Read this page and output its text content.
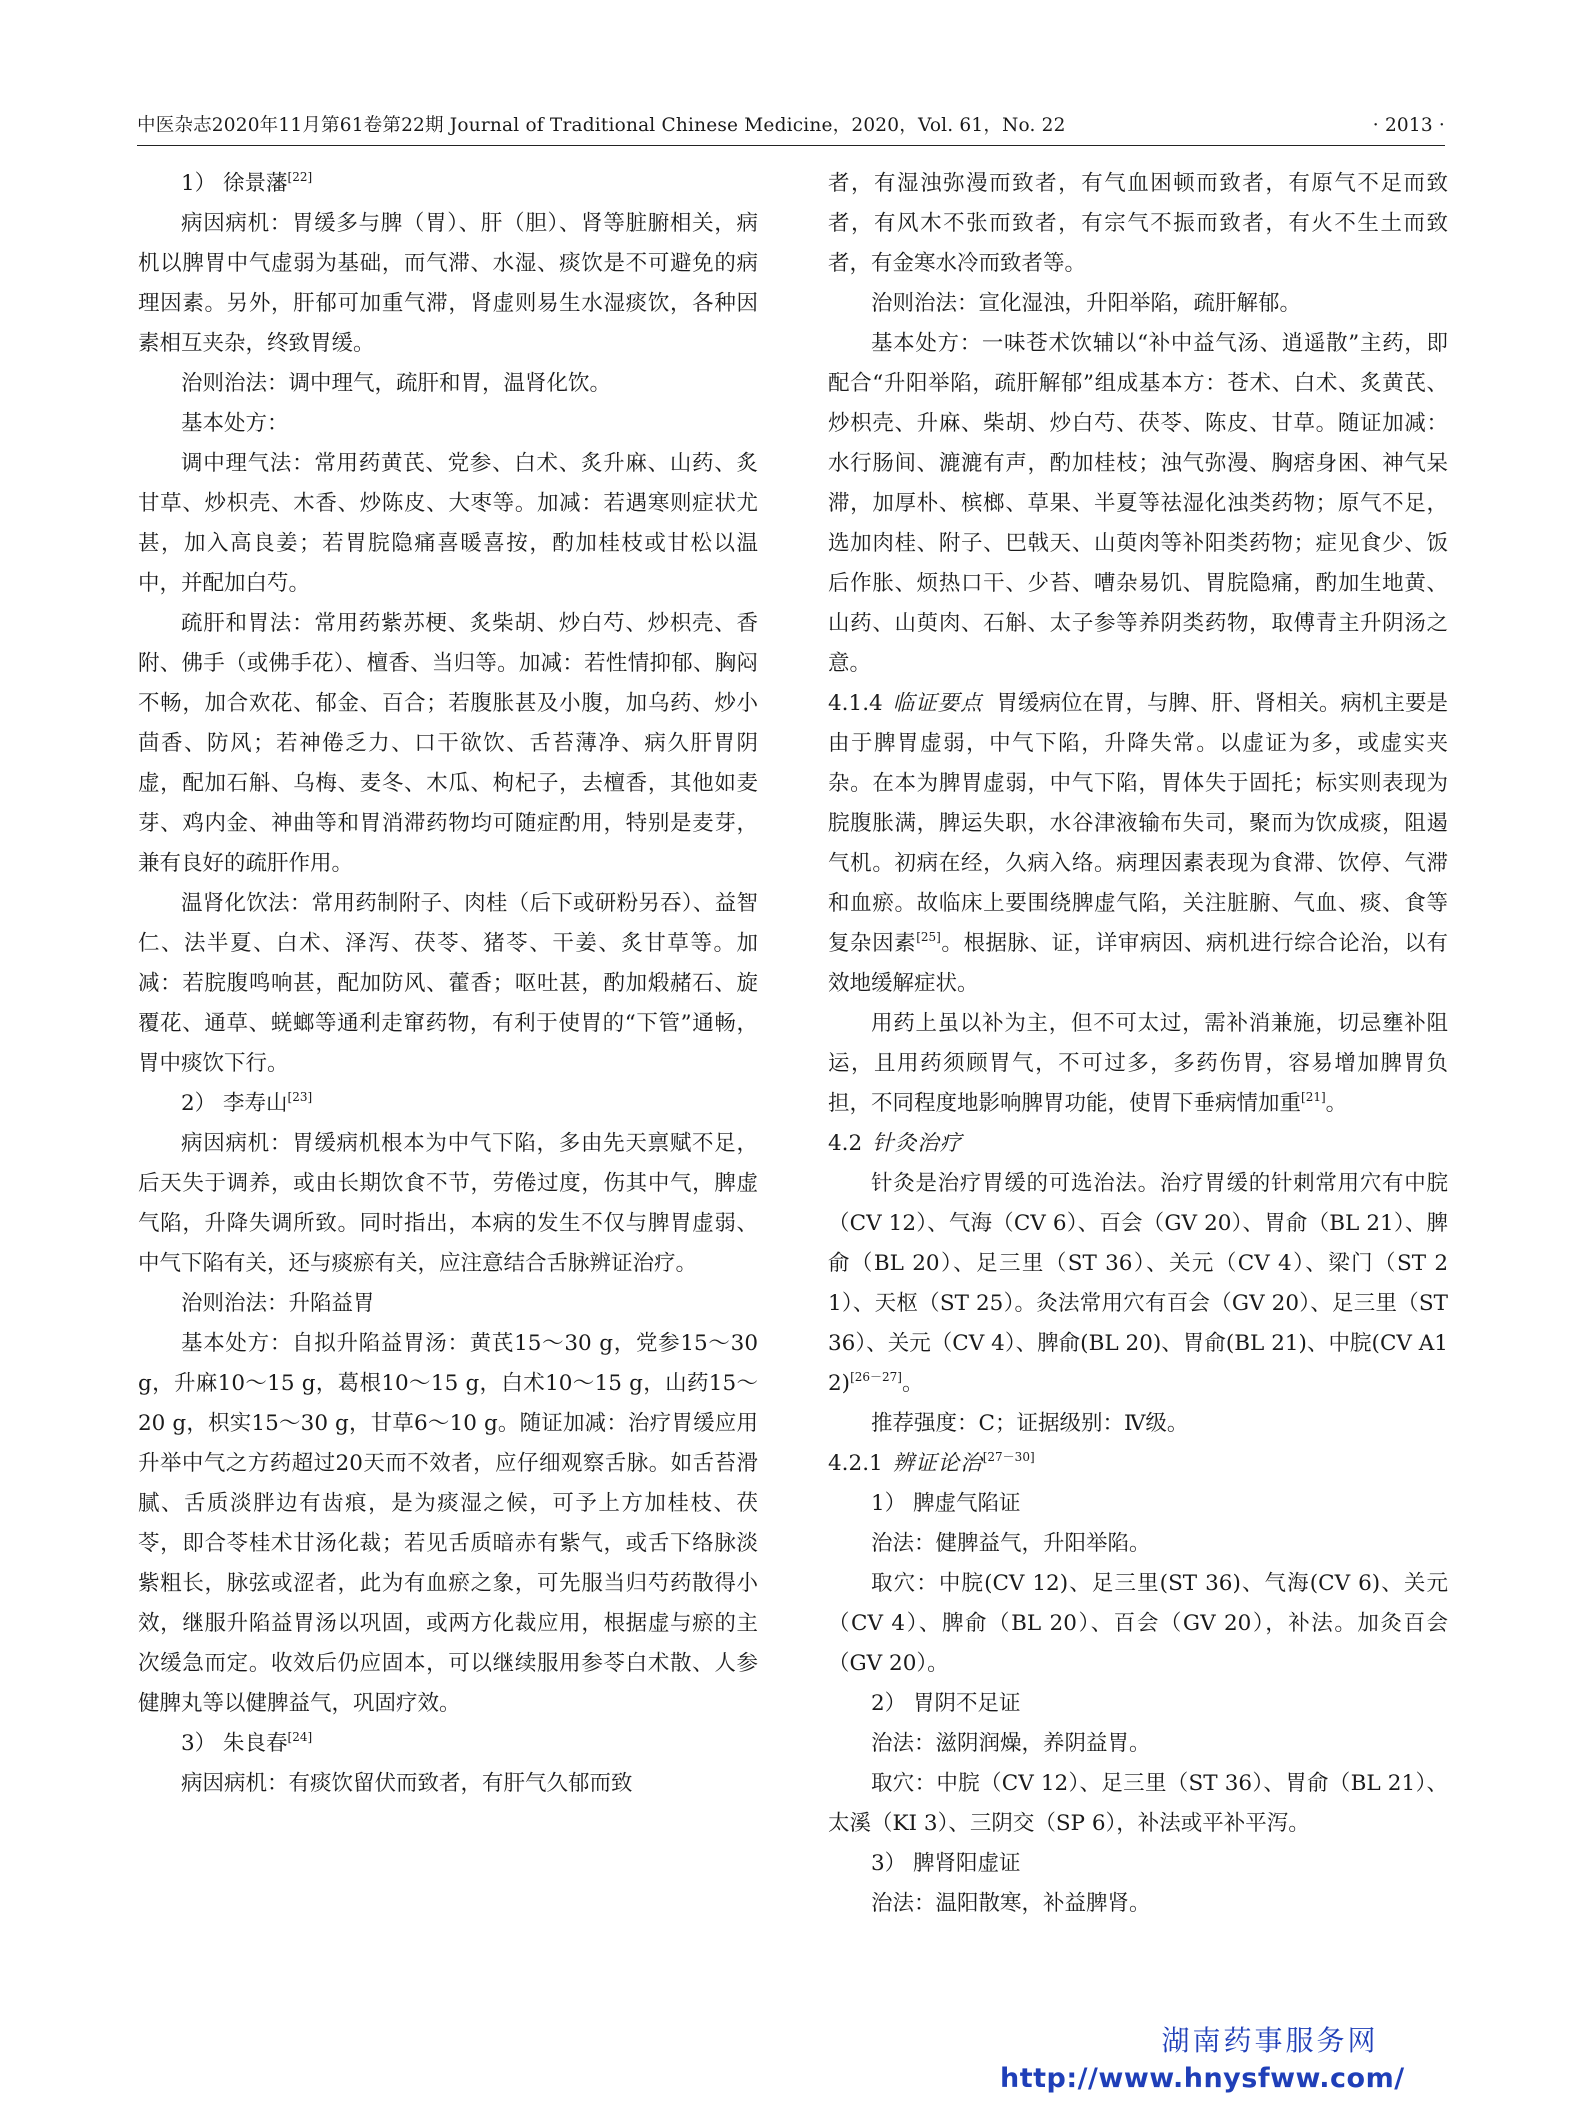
中医杂志2020年11月第61卷第22期 Journal of Traditional Chinese Medicine，2020，Vol. 61，No. 22	· 2013 ·

1） 徐景藩[22]

病因病机：胃缓多与脾（胃）、肝（胆）、肾等脏腑相关，病机以脾胃中气虚弱为基础，而气滞、水湿、痰饮是不可避免的病理因素。另外，肝郁可加重气滞，肾虚则易生水湿痰饮，各种因素相互夹杂，终致胃缓。

治则治法：调中理气，疏肝和胃，温肾化饮。

基本处方：

调中理气法：常用药黄芪、党参、白术、炙升麻、山药、炙甘草、炒枳壳、木香、炒陈皮、大枣等。加减：若遇寒则症状尤甚，加入高良姜；若胃脘隐痛喜暖喜按，酌加桂枝或甘松以温中，并配加白芍。

疏肝和胃法：常用药紫苏梗、炙柴胡、炒白芍、炒枳壳、香附、佛手（或佛手花）、檀香、当归等。加减：若性情抑郁、胸闷不畅，加合欢花、郁金、百合；若腹胀甚及小腹，加乌药、炒小茴香、防风；若神倦乏力、口干欲饮、舌苔薄净、病久肝胃阴虚，配加石斛、乌梅、麦冬、木瓜、枸杞子，去檀香，其他如麦芽、鸡内金、神曲等和胃消滞药物均可随症酌用，特别是麦芽，兼有良好的疏肝作用。

温肾化饮法：常用药制附子、肉桂（后下或研粉另吞）、益智仁、法半夏、白术、泽泻、茯苓、猪苓、干姜、炙甘草等。加减：若脘腹鸣响甚，配加防风、藿香；呕吐甚，酌加煅赭石、旋覆花、通草、蜣螂等通利走窜药物，有利于使胃的“下管”通畅，胃中痰饮下行。

2） 李寿山[23]

病因病机：胃缓病机根本为中气下陷，多由先天禀赋不足，后天失于调养，或由长期饮食不节，劳倦过度，伤其中气，脾虚气陷，升降失调所致。同时指出，本病的发生不仅与脾胃虚弱、中气下陷有关，还与痰瘀有关，应注意结合舌脉辨证治疗。

治则治法：升陷益胃

基本处方：自拟升陷益胃汤：黄芪15～30 g，党参15～30 g，升麻10～15 g，葛根10～15 g，白术10～15 g，山药15～20 g，枳实15～30 g，甘草6～10 g。随证加减：治疗胃缓应用升举中气之方药超过20天而不效者，应仔细观察舌脉。如舌苔滑腻、舌质淡胖边有齿痕，是为痰湿之候，可予上方加桂枝、茯苓，即合苓桂术甘汤化裁；若见舌质暗赤有紫气，或舌下络脉淡紫粗长，脉弦或涩者，此为有血瘀之象，可先服当归芍药散得小效，继服升陷益胃汤以巩固，或两方化裁应用，根据虚与瘀的主次缓急而定。收效后仍应固本，可以继续服用参苓白术散、人参健脾丸等以健脾益气，巩固疗效。

3） 朱良春[24]

病因病机：有痰饮留伏而致者，有肝气久郁而致

者，有湿浊弥漫而致者，有气血困顿而致者，有原气不足而致者，有风木不张而致者，有宗气不振而致者，有火不生土而致者，有金寒水冷而致者等。

治则治法：宣化湿浊，升阳举陷，疏肝解郁。

基本处方：一味苍术饮辅以“补中益气汤、逍遥散”主药，即配合“升阳举陷，疏肝解郁”组成基本方：苍术、白术、炙黄芪、炒枳壳、升麻、柴胡、炒白芍、茯苓、陈皮、甘草。随证加减：水行肠间、漉漉有声，酌加桂枝；浊气弥漫、胸痞身困、神气呆滞，加厚朴、槟榔、草果、半夏等祛湿化浊类药物；原气不足，选加肉桂、附子、巴戟天、山萸肉等补阳类药物；症见食少、饭后作胀、烦热口干、少苔、嘈杂易饥、胃脘隐痛，酌加生地黄、山药、山萸肉、石斛、太子参等养阴类药物，取傅青主升阴汤之意。

4.1.4 临证要点 胃缓病位在胃，与脾、肝、肾相关。病机主要是由于脾胃虚弱，中气下陷，升降失常。以虚证为多，或虚实夹杂。在本为脾胃虚弱，中气下陷，胃体失于固托；标实则表现为脘腹胀满，脾运失职，水谷津液输布失司，聚而为饮成痰，阻遏气机。初病在经，久病入络。病理因素表现为食滞、饮停、气滞和血瘀。故临床上要围绕脾虚气陷，关注脏腑、气血、痰、食等复杂因素[25]。根据脉、证，详审病因、病机进行综合论治，以有效地缓解症状。

用药上虽以补为主，但不可太过，需补消兼施，切忌壅补阻运，且用药须顾胃气，不可过多，多药伤胃，容易增加脾胃负担，不同程度地影响脾胃功能，使胃下垂病情加重[21]。

4.2 针灸治疗

针灸是治疗胃缓的可选治法。治疗胃缓的针刺常用穴有中脘（CV 12）、气海（CV 6）、百会（GV 20）、胃俞（BL 21）、脾俞（BL 20）、足三里（ST 36）、关元（CV 4）、梁门（ST 21）、天枢（ST 25）。灸法常用穴有百会（GV 20）、足三里（ST 36）、关元（CV 4）、脾俞(BL 20)、胃俞(BL 21)、中脘(CV A12)[26－27]。

推荐强度：C；证据级别：Ⅳ级。

4.2.1 辨证论治[27－30]

1） 脾虚气陷证

治法：健脾益气，升阳举陷。

取穴：中脘(CV 12)、足三里(ST 36)、气海(CV 6)、关元（CV 4）、脾俞（BL 20）、百会（GV 20），补法。加灸百会（GV 20）。

2） 胃阴不足证

治法：滋阴润燥，养阴益胃。

取穴：中脘（CV 12）、足三里（ST 36）、胃俞（BL 21）、太溪（KI 3）、三阴交（SP 6），补法或平补平泻。

3） 脾肾阳虚证

治法：温阳散寒，补益脾肾。

湖南药事服务网
http://www.hnysfww.com/
